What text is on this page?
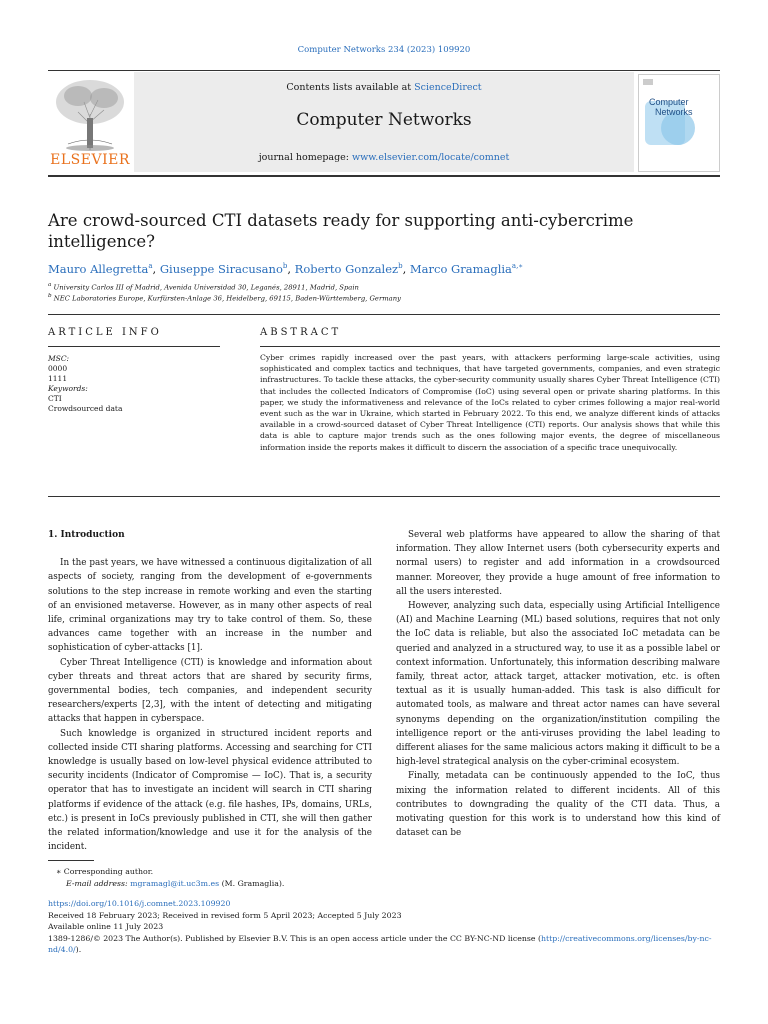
Computer Networks 234 (2023) 109920
ELSEVIER
Contents lists available at ScienceDirect
Computer Networks
journal homepage: www.elsevier.com/locate/comnet
Computer
Networks
Are crowd-sourced CTI datasets ready for supporting anti-cybercrime intelligence?
Mauro Allegretta$^a$, Giuseppe Siracusano$^b$, Roberto Gonzalez$^b$, Marco Gramaglia$^{a,∗}$
$^a$ University Carlos III of Madrid, Avenida Universidad 30, Leganés, 28911, Madrid, Spain
$^b$ NEC Laboratories Europe, Kurfürsten-Anlage 36, Heidelberg, 69115, Baden-Württemberg, Germany
ARTICLE INFO	ABSTRACT
MSC:
0000
1111
Keywords:
CTI
Crowdsourced data
Cyber crimes rapidly increased over the past years, with attackers performing large-scale activities, using sophisticated and complex tactics and techniques, that have targeted governments, companies, and even strategic infrastructures. To tackle these attacks, the cyber-security community usually shares Cyber Threat Intelligence (CTI) that includes the collected Indicators of Compromise (IoC) using several open or private sharing platforms. In this paper, we study the informativeness and relevance of the IoCs related to cyber crimes following a major real-world event such as the war in Ukraine, which started in February 2022. To this end, we analyze different kinds of attacks available in a crowd-sourced dataset of Cyber Threat Intelligence (CTI) reports. Our analysis shows that while this data is able to capture major trends such as the ones following major events, the degree of miscellaneous information inside the reports makes it difficult to discern the association of a specific trace unequivocally.
1. Introduction

In the past years, we have witnessed a continuous digitalization of all aspects of society, ranging from the development of e-governments solutions to the step increase in remote working and even the starting of an envisioned metaverse. However, as in many other aspects of real life, criminal organizations may try to take control of them. So, these advances came together with an increase in the number and sophistication of cyber-attacks [1].

Cyber Threat Intelligence (CTI) is knowledge and information about cyber threats and threat actors that are shared by security firms, governmental bodies, tech companies, and independent security researchers/experts [2,3], with the intent of detecting and mitigating attacks that happen in cyberspace.

Such knowledge is organized in structured incident reports and collected inside CTI sharing platforms. Accessing and searching for CTI knowledge is usually based on low-level physical evidence attributed to security incidents (Indicator of Compromise — IoC). That is, a security operator that has to investigate an incident will search in CTI sharing platforms if evidence of the attack (e.g. file hashes, IPs, domains, URLs, etc.) is present in IoCs previously published in CTI, she will then gather the related information/knowledge and use it for the analysis of the incident.

Several web platforms have appeared to allow the sharing of that information. They allow Internet users (both cybersecurity experts and normal users) to register and add information in a crowdsourced manner. Moreover, they provide a huge amount of free information to all the users interested.

However, analyzing such data, especially using Artificial Intelligence (AI) and Machine Learning (ML) based solutions, requires that not only the IoC data is reliable, but also the associated IoC metadata can be queried and analyzed in a structured way, to use it as a possible label or context information. Unfortunately, this information describing malware family, threat actor, attack target, attacker motivation, etc. is often textual as it is usually human-added. This task is also difficult for automated tools, as malware and threat actor names can have several synonyms depending on the organization/institution compiling the intelligence report or the anti-viruses providing the label leading to different aliases for the same malicious actors making it difficult to be a high-level strategical analysis on the cyber-criminal ecosystem.

Finally, metadata can be continuously appended to the IoC, thus mixing the information related to different incidents. All of this contributes to downgrading the quality of the CTI data. Thus, a motivating question for this work is to understand how this kind of dataset can be

∗ Corresponding author.
E-mail address: mgramagl@it.uc3m.es (M. Gramaglia).
https://doi.org/10.1016/j.comnet.2023.109920
Received 18 February 2023; Received in revised form 5 April 2023; Accepted 5 July 2023
Available online 11 July 2023
1389-1286/© 2023 The Author(s). Published by Elsevier B.V. This is an open access article under the CC BY-NC-ND license (http://creativecommons.org/licenses/by-nc-nd/4.0/).
